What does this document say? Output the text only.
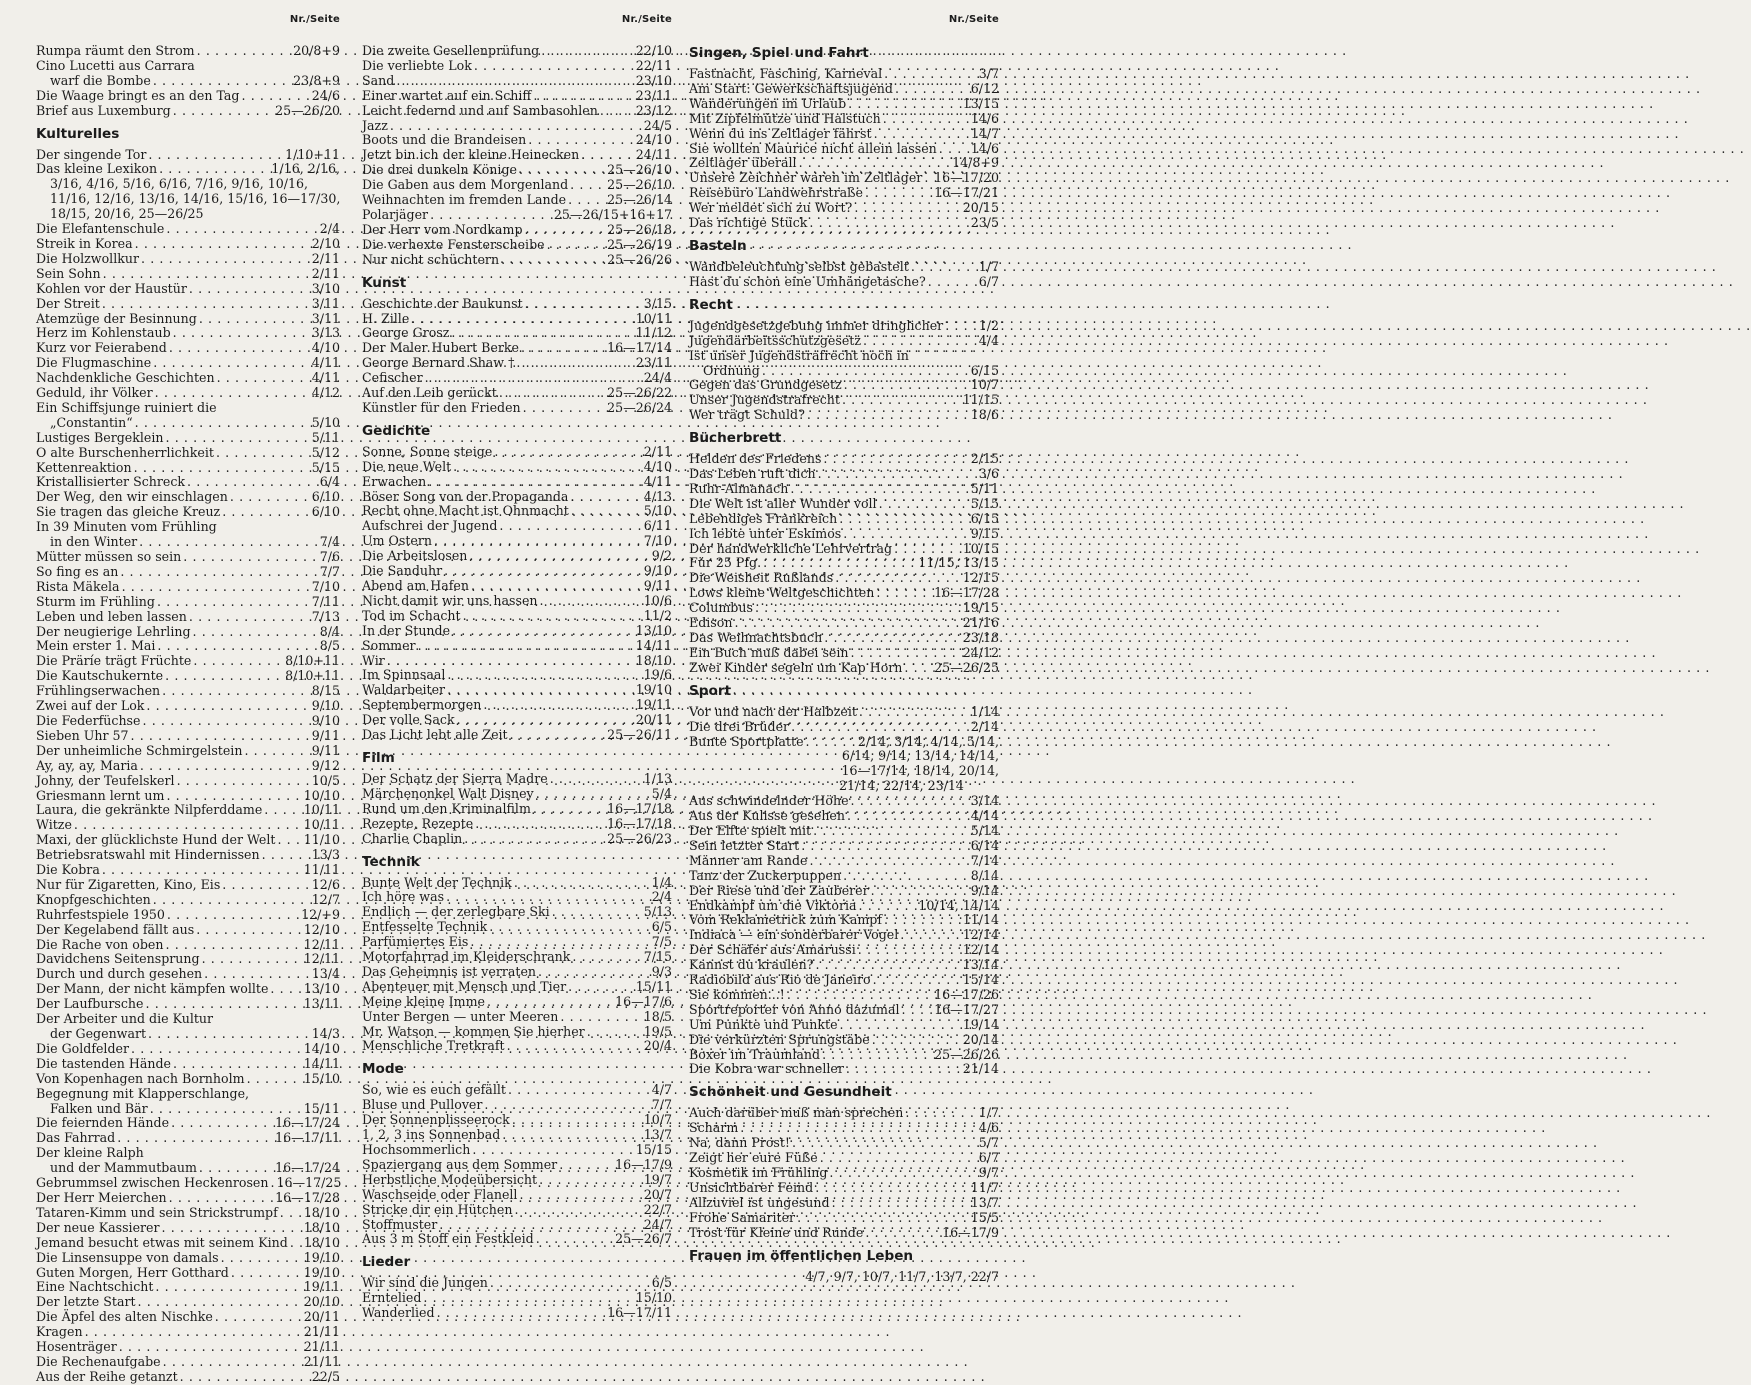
Nr./Seite
Rumpa räumt den Strom . . .	20/8+9
Cino Lucetti aus Carrara
warf die Bombe . . .	23/8+9
Die Waage bringt es an den Tag . . .	24/6
Brief aus Luxemburg . . .	25—26/20
Kulturelles
Der singende Tor . . .	1/10+11
Das kleine Lexikon . . .	1/16, 2/16,
3/16, 4/16, 5/16, 6/16, 7/16, 9/16, 10/16,
11/16, 12/16, 13/16, 14/16, 15/16, 16—17/30,
18/15, 20/16, 25—26/25
Die Elefantenschule . . .	2/4
Streik in Korea . . .	2/10
Die Holzwollkur . . .	2/11
Sein Sohn . . .	2/11
Kohlen vor der Haustür . . .	3/10
Der Streit . . .	3/11
Atemzüge der Besinnung . . .	3/11
Herz im Kohlenstaub . . .	3/13
Kurz vor Feierabend . . .	4/10
Die Flugmaschine . . .	4/11
Nachdenkliche Geschichten . . .	4/11
Geduld, ihr Völker . . .	4/12
Ein Schiffsjunge ruiniert die
„Constantin“ . . .	5/10
Lustiges Bergeklein . . .	5/11
O alte Burschenherrlichkeit . . .	5/12
Kettenreaktion . . .	5/15
Kristallisierter Schreck . . .	6/4
Der Weg, den wir einschlagen . . .	6/10
Sie tragen das gleiche Kreuz . . .	6/10
In 39 Minuten vom Frühling
in den Winter . . .	7/4
Mütter müssen so sein . . .	7/6
So fing es an . . .	7/7
Rista Mäkela . . .	7/10
Sturm im Frühling . . .	7/11
Leben und leben lassen . . .	7/13
Der neugierige Lehrling . . .	8/4
Mein erster 1. Mai . . .	8/5
Die Präríe trägt Früchte . . .	8/10+11
Die Kautschukernte . . .	8/10+11
Frühlingserwachen . . .	8/15
Zwei auf der Lok . . .	9/10
Die Federfüchse . . .	9/10
Sieben Uhr 57 . . .	9/11
Der unheimliche Schmirgelstein . . .	9/11
Ay, ay, ay, Maria . . .	9/12
Johny, der Teufelskerl . . .	10/5
Griesmann lernt um . . .	10/10
Laura, die gekränkte Nilpferddame . . .	10/11
Witze . . .	10/11
Maxi, der glücklichste Hund der Welt . . . 11/10
Betriebsratswahl mit Hindernissen . . .	13/3
Die Kobra . . .	11/11
Nur für Zigaretten, Kino, Eis . . .	12/6
Knopfgeschichten . . .	12/7
Ruhrfestspiele 1950 . . .	12/+9
Der Kegelabend fällt aus . . .	12/10
Die Rache von oben . . .	12/11
Davidchens Seitensprung . . .	12/11
Durch und durch gesehen . . .	13/4
Der Mann, der nicht kämpfen wollte . . .	13/10
Der Laufbursche . . .	13/11
Der Arbeiter und die Kultur
der Gegenwart . . .	14/3
Die Goldfelder . . .	14/10
Die tastenden Hände . . .	14/11
Von Kopenhagen nach Bornholm . . .	15/10
Begegnung mit Klapperschlange,
Falken und Bär . . .	15/11
Die feiernden Hände . . .	16—17/24
Das Fahrrad . . .	16—17/11
Der kleine Ralph
und der Mammutbaum . . .	16—17/24
Gebrummsel zwischen Heckenrosen . . . 16—17/25
Der Herr Meierchen . . .	16—17/28
Tataren-Kimm und sein Strickstrumpf . . . 18/10
Der neue Kassierer . . .	18/10
Jemand besucht etwas mit seinem Kind . . . 18/10
Die Linsensuppe von damals . . .	19/10
Guten Morgen, Herr Gotthard . . .	19/10
Eine Nachtschicht . . .	19/11
Der letzte Start . . .	20/10
Die Äpfel des alten Nischke . . .	20/11
Kragen . . .	21/11
Hosenträger . . .	21/11
Die Rechenaufgabe . . .	21/11
Aus der Reihe getanzt . . .	22/5
Nr./Seite
Die zweite Gesellenprüfung . . .	22/10
Die verliebte Lok . . .	22/11
Sand . . .	23/10
Einer wartet auf ein Schiff . . .	23/11
Leicht federnd und auf Sambasohlen . . .	23/12
Jazz . . .	24/5
Boots und die Brandeisen . . .	24/10
Jetzt bin ich der kleine Heinecken . . .	24/11
Die drei dunkeln Könige . . .	25—26/10
Die Gaben aus dem Morgenland . . .	25—26/10
Weihnachten im fremden Lande . . .	25—26/14
Polarjäger . . .	25—26/15+16+17
Der Herr vom Nordkamp . . .	25—26/18
Die verhexte Fensterscheibe . . .	25—26/19
Nur nicht schüchtern . . .	25—26/26
Kunst
Geschichte der Baukunst . . .	3/15
H. Zille . . .	10/11
George Grosz . . .	11/12
Der Maler Hubert Berke . . .	16—17/14
George Bernard Shaw † . . .	23/11
Cefischer . . .	24/4
Auf den Leib gerückt . . .	25—26/22
Künstler für den Frieden . . .	25—26/24
Gedichte
Sonne, Sonne steige . . .	2/11
Die neue Welt . . .	4/10
Erwachen . . .	4/11
Böser Song von der Propaganda . . .	4/13
Recht ohne Macht ist Ohnmacht . . .	5/10
Aufschrei der Jugend . . .	6/11
Um Ostern . . .	7/10
Die Arbeitslosen . . .	9/2
Die Sanduhr . . .	9/10
Abend am Hafen . . .	9/11
Nicht damit wir uns hassen . . .	10/6
Tod im Schacht . . .	11/2
In der Stunde . . .	13/10
Sommer . . .	14/11
Wir . . .	18/10
Im Spinnsaal . . .	19/6
Waldarbeiter . . .	19/10
Septembermorgen . . .	19/11
Der volle Sack . . .	20/11
Das Licht lebt alle Zeit . . .	25—26/11
Film
Der Schatz der Sierra Madre . . .	1/13
Märchenonkel Walt Disney . . .	5/4
Rund um den Kriminalfilm . . .	16—17/18
Rezepte, Rezepte . . .	16—17/18
Charlie Chaplin . . .	25—26/23
Technik
Bunte Welt der Technik . . .	1/4
Ich höre was . . .	2/4
Endlich — der zerlegbare Ski . . .	5/13
Entfesselte Technik . . .	6/5
Parfümiertes Eis . . .	7/5
Motorfahrrad im Kleiderschrank . . .	7/15
Das Geheimnis ist verraten . . .	9/3
Abenteuer mit Mensch und Tier . . .	15/11
Meine kleine Imme . . .	16—17/6
Unter Bergen — unter Meeren . . .	18/5
Mr. Watson — kommen Sie hierher . . .	19/5
Menschliche Tretkraft . . .	20/4
Mode
So, wie es euch gefällt . . .	4/7
Bluse und Pullover . . .	7/7
Der Sonnenplisseerock . . .	10/7
1, 2, 3 ins Sonnenbad . . .	13/7
Hochsommerlich . . .	15/15
Spaziergang aus dem Sommer . . .	16—17/9
Herbstliche Modeübersicht . . .	19/7
Waschseide oder Flanell . . .	20/7
Stricke dir ein Hütchen . . .	22/7
Stoffmuster . . .	24/7
Aus 3 m Stoff ein Festkleid . . .	25—26/7
Lieder
Wir sind die Jungen . . .	6/5
Erntelied . . .	15/10
Wanderlied . . .	16—17/11
Nr./Seite
Singen, Spiel und Fahrt
Fastnacht, Fasching, Karneval . . .	3/7
Am Start: Gewerkschaftsjugend . . .	6/12
Wanderungen im Urlaub . . .	13/15
Mit Zipfelmütze und Halstuch . . .	14/6
Wenn du ins Zeltlager fährst . . .	14/7
Sie wollten Maurice nicht allein lassen . . .	14/6
Zeltlager überall . . .	14/8+9
Unsere Zeichner waren im Zeltlager . . . 16—17/20
Reisebüro Landwehrstraße . . .	16—17/21
Wer meldet sich zu Wort? . . .	20/15
Das richtige Stück . . .	23/5
Basteln
Wandbeleuchtung selbst gebastelt . . .	1/7
Hast du schon eine Umhängetasche? . . .	6/7
Recht
Jugendgesetzgebung immer dringlicher . . .	1/2
Jugendarbeitsschutzgesetz . . .	4/4
Ist unser Jugendstrafrecht noch in
Ordnung . . .	6/15
Gegen das Grundgesetz . . .	10/7
Unser Jugendstrafrecht . . .	11/15
Wer trägt Schuld? . . .	18/6
Bücherbrett
Helden des Friedens . . .	2/15
Das Leben ruft dich . . .	3/6
Ruhr-Almanach . . .	5/11
Die Welt ist aller Wunder voll . . .	5/15
Lebendiges Frankreich . . .	6/15
Ich lebte unter Eskimos . . .	9/15
Der handwerkliche Lehrvertrag . . .	10/15
Für 25 Pfg. . . .	11/15, 13/15
Die Weisheit Rußlands . . .	12/15
Lows kleine Weltgeschichten . . .	16—17/28
Columbus . . .	19/15
Edison . . .	21/16
Das Weihnachtsbuch . . .	23/18
Ein Buch muß dabei sein . . .	24/12
Zwei Kinder segeln um Kap Horn . . .	25—26/25
Sport
Vor und nach der Halbzeit . . .	1/14
Die drei Brüder . . .	2/14
Bunte Sportplatte . . .	2/14, 3/14, 4/14, 5/14,
6/14, 9/14, 13/14, 14/14,
16—17/14, 18/14, 20/14,
21/14, 22/14, 23/14
Aus schwindelnder Höhe . . .	3/14
Aus der Kulisse gesehen . . .	4/14
Der Elfte spielt mit . . .	5/14
Sein letzter Start . . .	6/14
Männer am Rande . . .	7/14
Tanz der Zuckerpuppen . . .	8/14
Der Riese und der Zauberer . . .	9/14
Endkampf um die Viktoria . . .	10/14, 14/14
Vom Reklametrick zum Kampf . . .	11/14
Indiaca — ein sonderbarer Vogel . . .	12/14
Der Schäfer aus Amarussi . . .	12/14
Kannst du kraulen? . . .	13/14
Radiobild aus Rio de Janeiro . . .	15/14
Sie kommen...! . . .	16—17/26
Sportreporter von Anno dazumal . . .	16—17/27
Um Punkte und Punkte . . .	19/14
Die verkürzten Sprungstäbe . . .	20/14
Boxer im Traumland . . .	25—26/26
Die Kobra war schneller . . .	21/14
Schönheit und Gesundheit
Auch darüber muß man sprechen . . .	1/7
Scharm . . .	4/6
Na, dann Prost! . . .	5/7
Zeigt her eure Füße . . .	6/7
Kosmetik im Frühling . . .	9/7
Unsichtbarer Feind . . .	11/7
Allzuviel ist ungesund . . .	13/7
Frohe Samariter . . .	15/5
Trost für Kleine und Runde . . .	16—17/9
Frauen im öffentlichen Leben
4/7, 9/7, 10/7, 11/7, 13/7, 22/7
